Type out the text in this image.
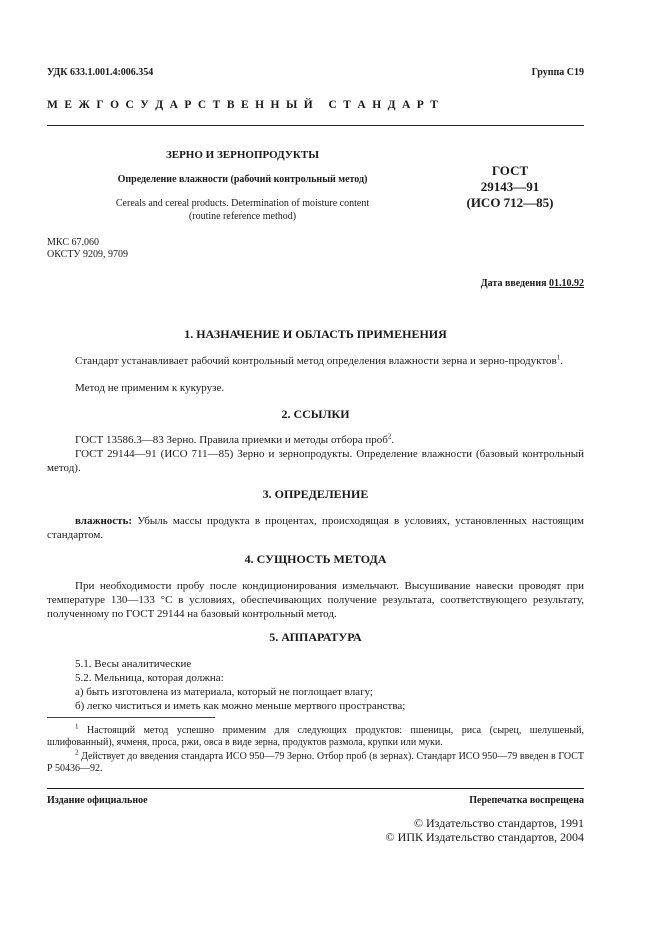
УДК 633.1.001.4:006.354	Группа С19
М Е Ж Г О С У Д А Р С Т В Е Н Н Ы Й   С Т А Н Д А Р Т
ЗЕРНО И ЗЕРНОПРОДУКТЫ
Определение влажности (рабочий контрольный метод)
Cereals and cereal products. Determination of moisture content
(routine reference method)
ГОСТ
29143—91
(ИСО 712—85)
МКС 67.060
ОКСТУ 9209, 9709
Дата введения 01.10.92
1. НАЗНАЧЕНИЕ И ОБЛАСТЬ ПРИМЕНЕНИЯ

Стандарт устанавливает рабочий контрольный метод определения влажности зерна и зерно-продуктов$^1$.

Метод не применим к кукурузе.

2. ССЫЛКИ

ГОСТ 13586.3—83 Зерно. Правила приемки и методы отбора проб$^2$.

ГОСТ 29144—91 (ИСО 711—85) Зерно и зернопродукты. Определение влажности (базовый контрольный метод).

3. ОПРЕДЕЛЕНИЕ

влажность: Убыль массы продукта в процентах, происходящая в условиях, установленных настоящим стандартом.

4. СУЩНОСТЬ МЕТОДА

При необходимости пробу после кондиционирования измельчают. Высушивание навески проводят при температуре 130—133 °С в условиях, обеспечивающих получение результата, соответствующего результату, полученному по ГОСТ 29144 на базовый контрольный метод.

5. АППАРАТУРА

5.1. Весы аналитические

5.2. Мельница, которая должна:

а) быть изготовлена из материала, который не поглощает влагу;

б) легко чиститься и иметь как можно меньше мертвого пространства;

$^1$ Настоящий метод успешно применим для следующих продуктов: пшеницы, риса (сырец, шелушеный, шлифованный), ячменя, проса, ржи, овса в виде зерна, продуктов размола, крупки или муки.

$^2$ Действует до введения стандарта ИСО 950—79 Зерно. Отбор проб (в зернах). Стандарт ИСО 950—79 введен в ГОСТ Р 50436—92.

Издание официальное	Перепечатка воспрещена
© Издательство стандартов, 1991
© ИПК Издательство стандартов, 2004
